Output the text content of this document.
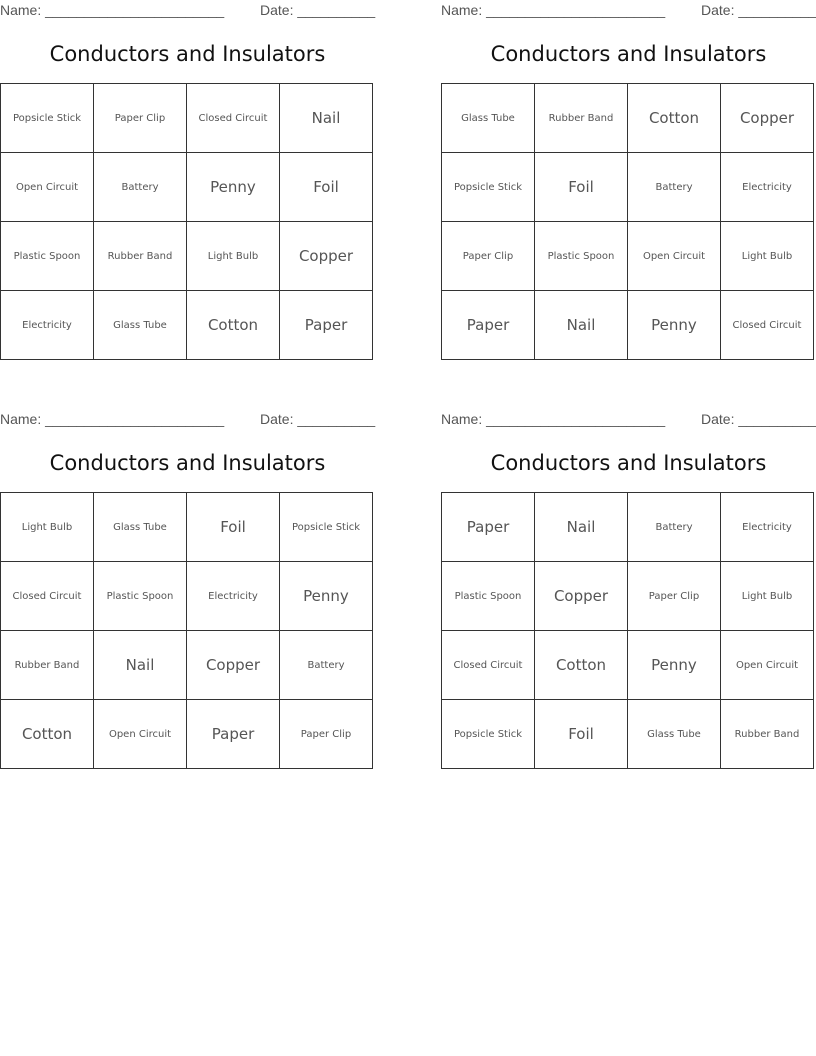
Name: _______________________	Date: __________
Conductors and Insulators
Popsicle Stick	Paper Clip	Closed Circuit	Nail
Open Circuit	Battery	Penny	Foil
Plastic Spoon	Rubber Band	Light Bulb	Copper
Electricity	Glass Tube	Cotton	Paper
Name: _______________________	Date: __________
Conductors and Insulators
Glass Tube	Rubber Band	Cotton	Copper
Popsicle Stick	Foil	Battery	Electricity
Paper Clip	Plastic Spoon	Open Circuit	Light Bulb
Paper	Nail	Penny	Closed Circuit
Name: _______________________	Date: __________
Conductors and Insulators
Light Bulb	Glass Tube	Foil	Popsicle Stick
Closed Circuit	Plastic Spoon	Electricity	Penny
Rubber Band	Nail	Copper	Battery
Cotton	Open Circuit	Paper	Paper Clip
Name: _______________________	Date: __________
Conductors and Insulators
Paper	Nail	Battery	Electricity
Plastic Spoon	Copper	Paper Clip	Light Bulb
Closed Circuit	Cotton	Penny	Open Circuit
Popsicle Stick	Foil	Glass Tube	Rubber Band
